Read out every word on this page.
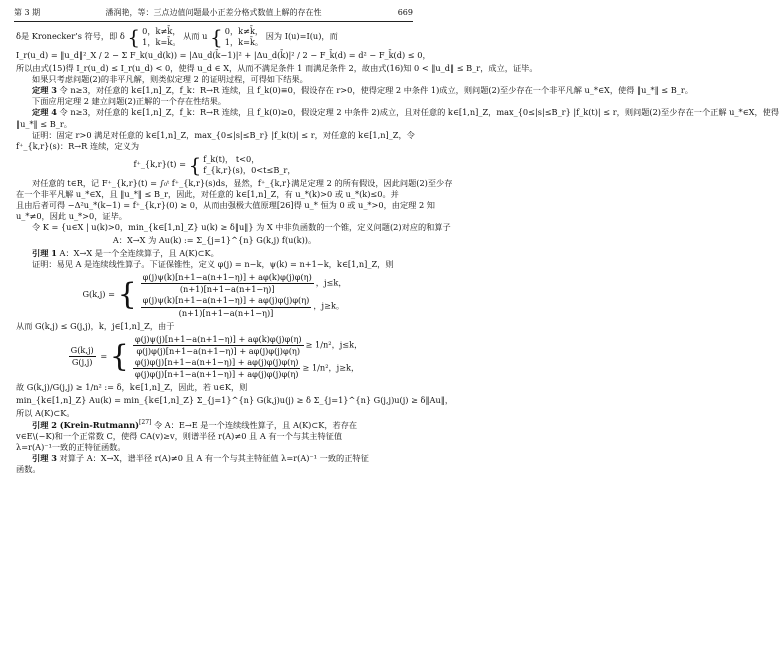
第 3 期	潘润艳，等：三点边值问题最小正差分格式数值上解的存在性	669
δ是 Kronecker’s 符号，即 δ { 0，k≠k̄，
1，k=k̄。
从而 u { 0，k≠k̄，
1，k=k̄。
因为 I(u)=I(u)，而
I_r(u_d) = ‖u_d‖²_X / 2 − Σ F_k(u_d(k)) = |Δu_d(k̄−1)|² + |Δu_d(k̄)|² / 2 − F_k̄(d) = d² − F_k̄(d) ≤ 0，

所以由式(15)得 I_r(u_d) ≤ I_r(u_d) < 0，使得 u_d ∈ X，从而不满足条件 1 而满足条件 2，故由式(16)知 0 < ‖u_d‖ ≤ B_r，成立，证毕。

如果只考虑问题(2)的非平凡解，则类似定理 2 的证明过程，可得如下结果。

定理 3 令 n≥3，对任意的 k∈[1,n]_Z，f_k：R→R 连续，且 f_k(0)≡0，假设存在 r>0，使得定理 2 中条件 1)成立，则问题(2)至少存在一个非平凡解 u_*∈X，使得 ‖u_*‖ ≤ B_r。

下面应用定理 2 建立问题(2)正解的一个存在性结果。

定理 4 令 n≥3，对任意的 k∈[1,n]_Z，f_k：R→R 连续，且 f_k(0)≥0，假设定理 2 中条件 2)成立，且对任意的 k∈[1,n]_Z，max_{0≤|s|≤B_r} |f_k(t)| ≤ r，则问题(2)至少存在一个正解 u_*∈X，使得

‖u_*‖ ≤ B_r。

证明：固定 r>0 满足对任意的 k∈[1,n]_Z，max_{0≤|s|≤B_r} |f_k(t)| ≤ r，对任意的 k∈[1,n]_Z，令

f⁺_{k,r}(s)：R→R 连续，定义为

f⁺_{k,r}(t) = { f_k(t)， t<0，
f_{k,r}(s)，0<t≤B_r，

对任意的 t∈R，记 F⁺_{k,r}(t) = ∫₀ᵗ f⁺_{k,r}(s)ds，显然，f⁺_{k,r}满足定理 2 的所有假设，因此问题(2)至少存

在一个非平凡解 u_*∈X，且 ‖u_*‖ ≤ B_r，因此，对任意的 k∈[1,n]_Z，有 u_*(k)>0 或 u_*(k)≤0。并

且由后者可得 −Δ²u_*(k−1) = f⁺_{k,r}(0) ≥ 0，从而由强极大值原理[26]得 u_* 恒为 0 或 u_*>0，由定理 2 知

u_*≠0，因此 u_*>0，证毕。

令 K = {u∈X | u(k)>0，min_{k∈[1,n]_Z} u(k) ≥ δ‖u‖} 为 X 中非负函数的一个锥，定义问题(2)对应的和算子

A：X→X 为 Au(k) := Σ_{j=1}^{n} G(k,j) f(u(k))。

引理 1 A：X→X 是一个全连续算子，且 A(K)⊂K。

证明：易见 A 是连续线性算子。下证保锥性，定义 φ(j) = n−k，ψ(k) = n+1−k，k∈[1,n]_Z，则

G(k,j) = { $\frac{\varphi(j)\psi(k)[n+1-a(n+1-\eta)] + a\varphi(k)\varphi(j)\varphi(\eta)}{(n+1)[n+1-a(n+1-\eta)]}$ ，j≤k，
$\frac{\varphi(j)\psi(k)[n+1-a(n+1-\eta)] + a\varphi(j)\varphi(j)\varphi(\eta)}{(n+1)[n+1-a(n+1-\eta)]}$ ，j≥k。

从而 G(k,j) ≤ G(j,j)，k，j∈[1,n]_Z，由于

$\frac{G(k,j)}{G(j,j)}$ = { $\frac{\varphi(j)\psi(j)[n+1-a(n+1-\eta)] + a\varphi(k)\varphi(j)\varphi(\eta)}{\varphi(j)\varphi(j)[n+1-a(n+1-\eta)] + a\varphi(j)\varphi(j)\varphi(\eta)} \ge 1/n^2$，j≤k，
$\frac{\varphi(j)\varphi(j)[n+1-a(n+1-\eta)] + a\varphi(j)\varphi(j)\varphi(\eta)}{\varphi(j)\varphi(j)[n+1-a(n+1-\eta)] + a\varphi(j)\varphi(j)\varphi(\eta)} \ge 1/n^2$，j≥k，

故 G(k,j)/G(j,j) ≥ 1/n² := δ，k∈[1,n]_Z，因此，若 u∈K，则

min_{k∈[1,n]_Z} Au(k) = min_{k∈[1,n]_Z} Σ_{j=1}^{n} G(k,j)u(j) ≥ δ Σ_{j=1}^{n} G(j,j)u(j) ≥ δ‖Au‖，

所以 A(K)⊂K。

引理 2 (Krein-Rutmann)[27] 令 A：E→E 是一个连续线性算子，且 A(K)⊂K，若存在

v∈E\(−K)和一个正常数 C，使得 CA(v)≥v，则谱半径 r(A)≠0 且 A 有一个与其主特征值

λ=r(A)⁻¹一致的正特征函数。

引理 3 对算子 A：X→X，谱半径 r(A)≠0 且 A 有一个与其主特征值 λ=r(A)⁻¹ 一致的正特征

函数。
